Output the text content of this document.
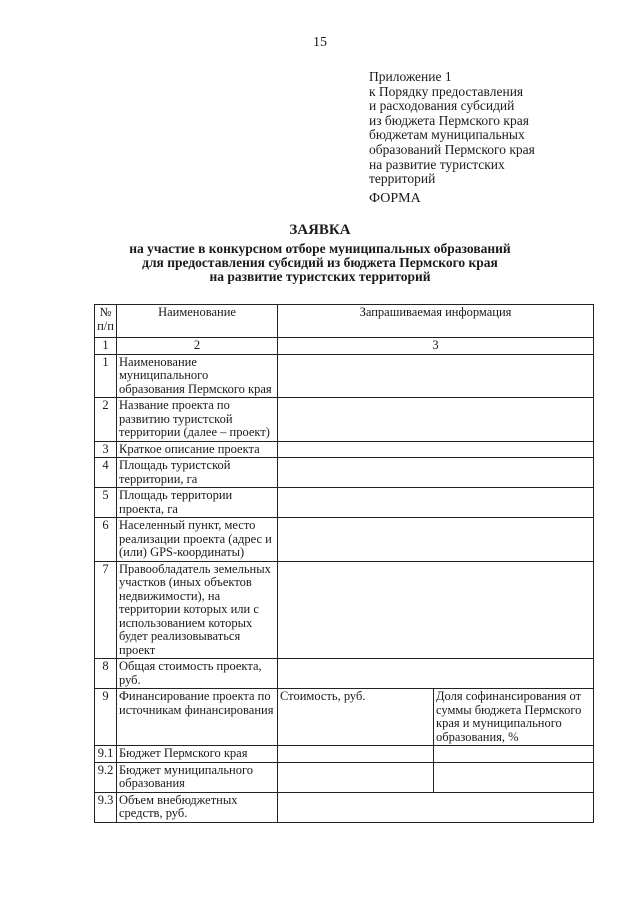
15
Приложение 1
к Порядку предоставления
и расходования субсидий
из бюджета Пермского края
бюджетам муниципальных
образований Пермского края
на развитие туристских
территорий
ФОРМА
ЗАЯВКА
на участие в конкурсном отборе муниципальных образований
для предоставления субсидий из бюджета Пермского края
на развитие туристских территорий
№ п/п	Наименование	Запрашиваемая информация	
1	2	3	
1	Наименование муниципального образования Пермского края		
2	Название проекта по развитию туристской территории (далее – проект)		
3	Краткое описание проекта		
4	Площадь туристской территории, га		
5	Площадь территории проекта, га		
6	Населенный пункт, место реализации проекта (адрес и (или) GPS-координаты)		
7	Правообладатель земельных участков (иных объектов недвижимости), на территории которых или с использованием которых будет реализовываться проект		
8	Общая стоимость проекта, руб.		
9	Финансирование проекта по источникам финансирования	Стоимость, руб.	Доля софинансирования от суммы бюджета Пермского края и муниципального образования, %
9.1	Бюджет Пермского края		
9.2	Бюджет муниципального образования		
9.3	Объем внебюджетных средств, руб.		
